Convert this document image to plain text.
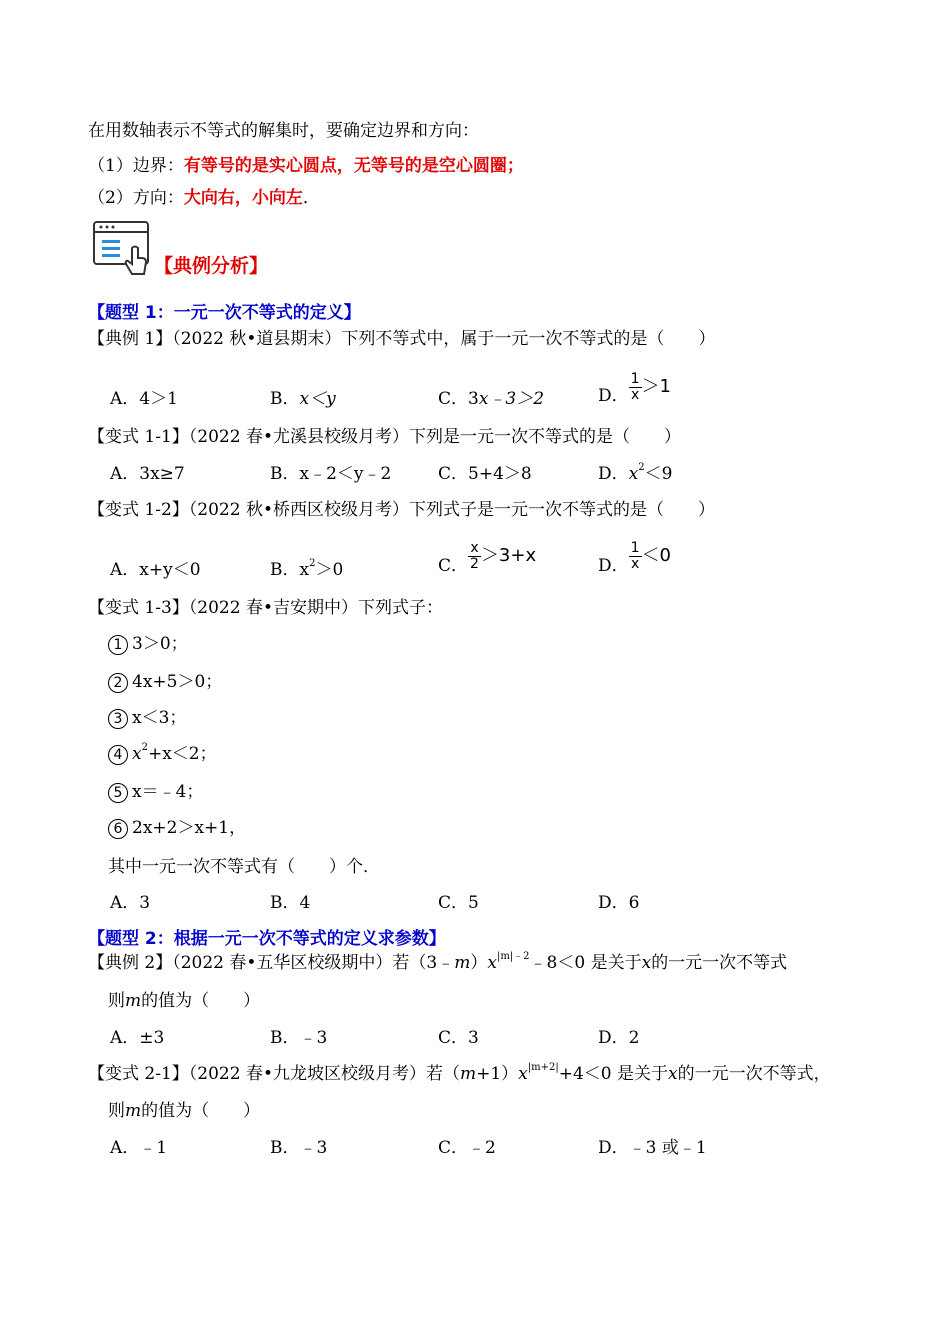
在用数轴表示不等式的解集时，要确定边界和方向：
（1）边界：有等号的是实心圆点，无等号的是空心圆圈；
（2）方向：大向右，小向左．
【典例分析】
【题型 1：一元一次不等式的定义】
【典例 1】（2022 秋•道县期末）下列不等式中，属于一元一次不等式的是（　　）
A．4＞1	B．x＜y	C．3x﹣3＞2	D． $\frac{1}{x} >1$
【变式 1-1】（2022 春•尤溪县校级月考）下列是一元一次不等式的是（　　）
A．3x≥7	B．x﹣2＜y﹣2	C．5+4＞8	D．$x^2<9$
【变式 1-2】（2022 秋•桥西区校级月考）下列式子是一元一次不等式的是（　　）
A．x+y＜0	B．$x^2>0$	C． $\frac{x}{2} >3+x$	D． $\frac{1}{x} <0$
【变式 1-3】（2022 春•吉安期中）下列式子：
1 3＞0；
2 4x+5＞0；
3 x＜3；
4 $x^2+x<2$；
5 x＝﹣4；
6 2x+2＞x+1，
其中一元一次不等式有（　　）个．
A．3	B．4	C．5	D．6
【题型 2：根据一元一次不等式的定义求参数】
【典例 2】（2022 春•五华区校级期中）若$(3﹣m)x^{|m|﹣2}﹣8<0$ 是关于x的一元一次不等式
则m的值为（　　）
A．±3	B．﹣3	C．3	D．2
【变式 2-1】（2022 春•九龙坡区校级月考）若$(m+1)x^{|m+2|}+4<0$ 是关于x的一元一次不等式，
则m的值为（　　）
A．﹣1	B．﹣3	C．﹣2	D．﹣3 或﹣1
